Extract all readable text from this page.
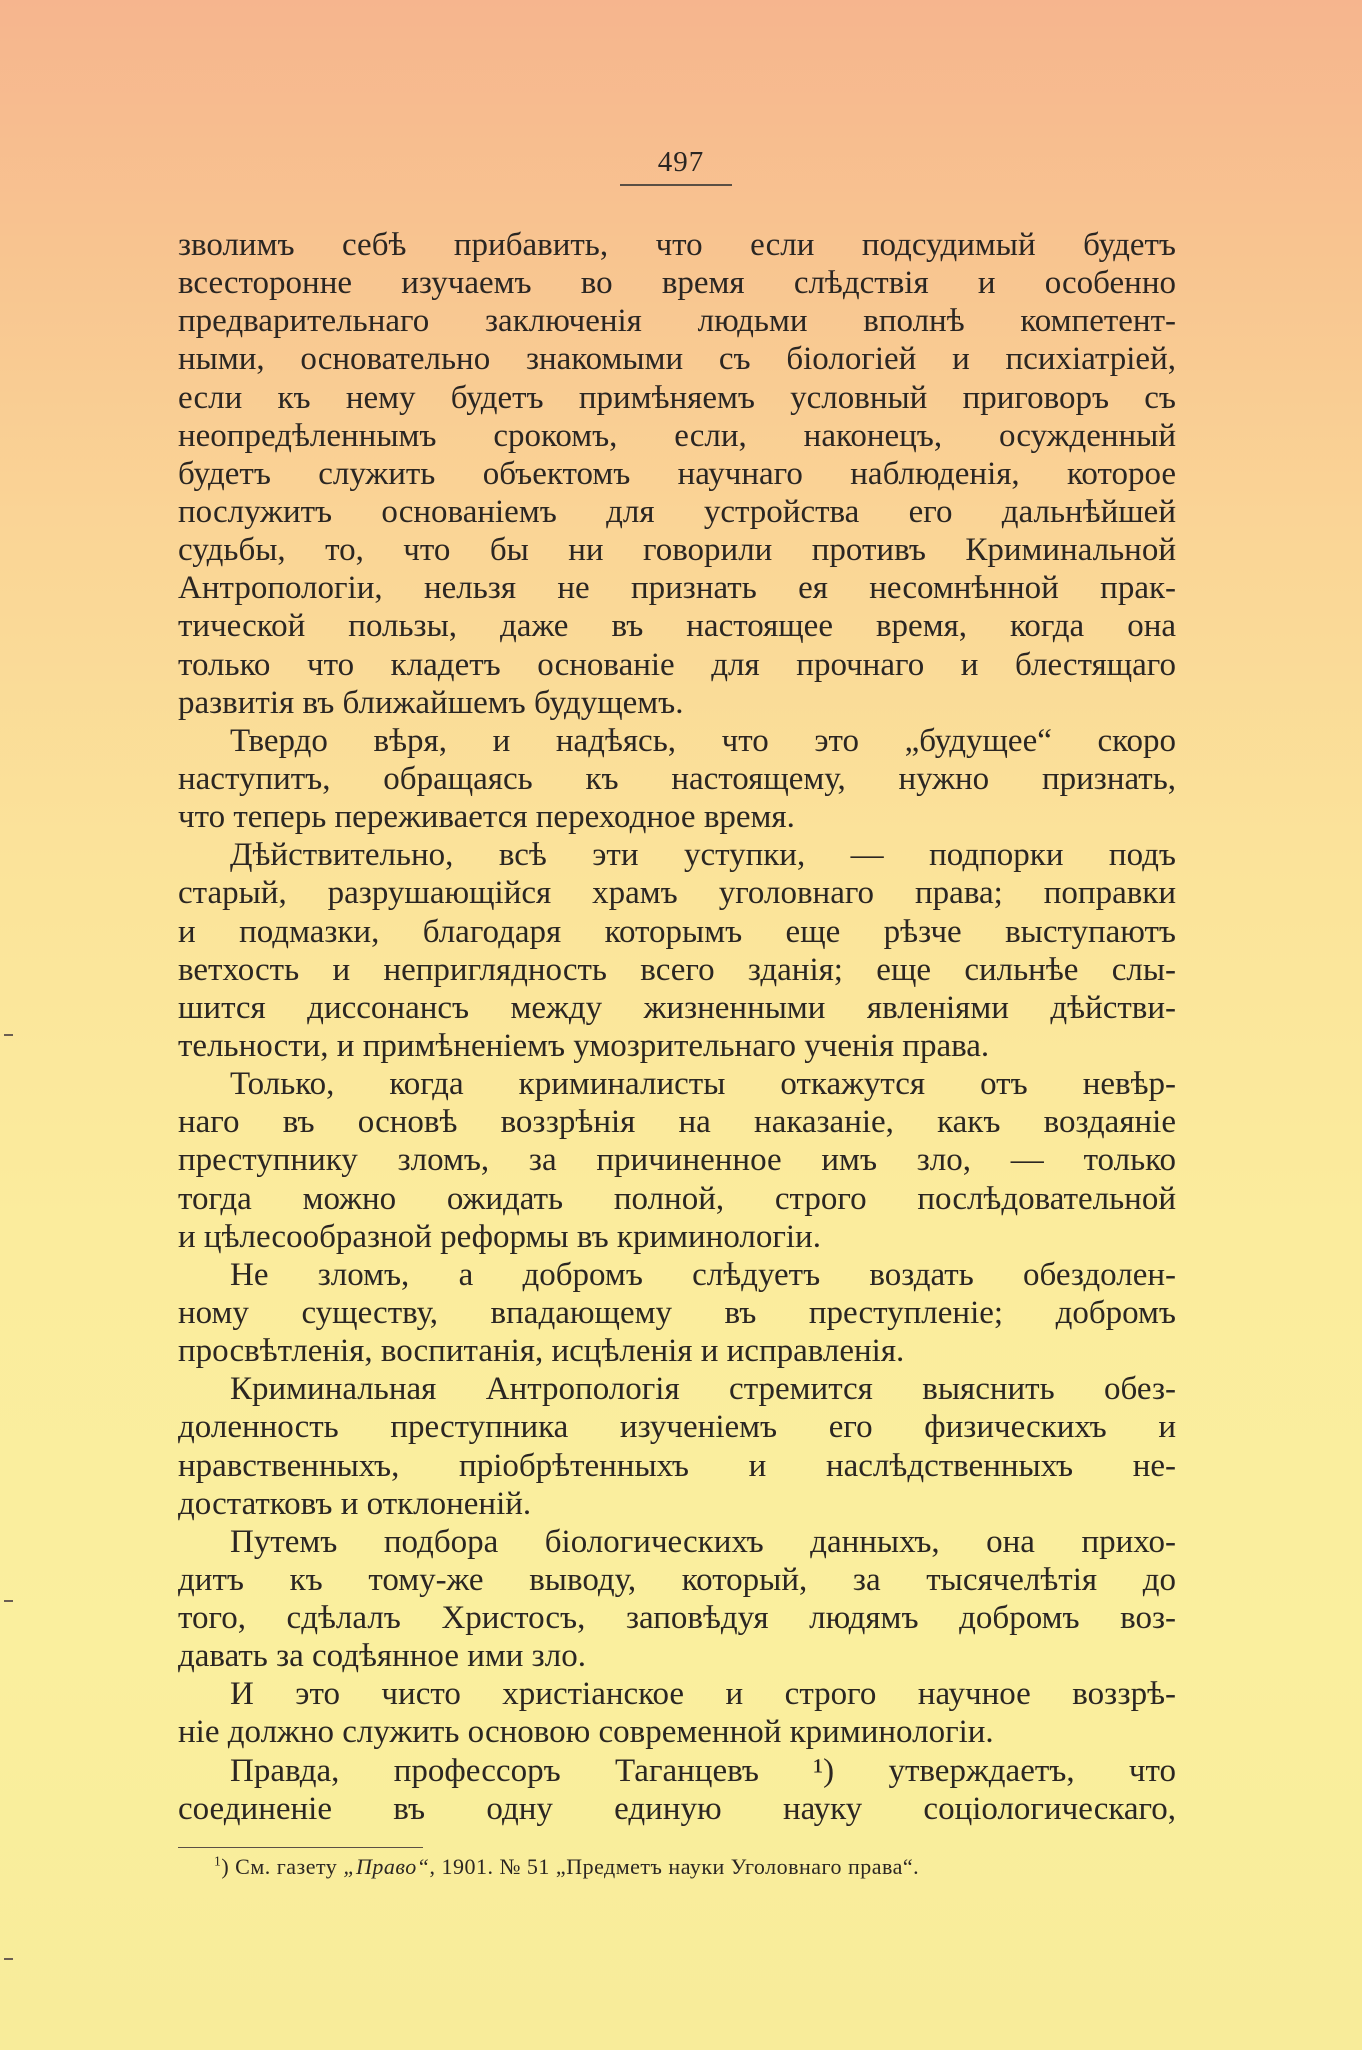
497
зволимъ себѣ прибавить, что если подсудимый будетъ
всесторонне изучаемъ во время слѣдствія и особенно
предварительнаго заключенія людьми вполнѣ компетент-
ными, основательно знакомыми съ біологіей и психіатріей,
если къ нему будетъ примѣняемъ условный приговоръ съ
неопредѣленнымъ срокомъ, если, наконецъ, осужденный
будетъ служить объектомъ научнаго наблюденія, которое
послужитъ основаніемъ для устройства его дальнѣйшей
судьбы, то, что бы ни говорили противъ Криминальной
Антропологіи, нельзя не признать ея несомнѣнной прак-
тической пользы, даже въ настоящее время, когда она
только что кладетъ основаніе для прочнаго и блестящаго
развитія въ ближайшемъ будущемъ.
Твердо вѣря, и надѣясь, что это „будущее“ скоро
наступитъ, обращаясь къ настоящему, нужно признать,
что теперь переживается переходное время.
Дѣйствительно, всѣ эти уступки, — подпорки подъ
старый, разрушающійся храмъ уголовнаго права; поправки
и подмазки, благодаря которымъ еще рѣзче выступаютъ
ветхость и неприглядность всего зданія; еще сильнѣе слы-
шится диссонансъ между жизненными явленіями дѣйстви-
тельности, и примѣненіемъ умозрительнаго ученія права.
Только, когда криминалисты откажутся отъ невѣр-
наго въ основѣ воззрѣнія на наказаніе, какъ воздаяніе
преступнику зломъ, за причиненное имъ зло, — только
тогда можно ожидать полной, строго послѣдовательной
и цѣлесообразной реформы въ криминологіи.
Не зломъ, а добромъ слѣдуетъ воздать обездолен-
ному существу, впадающему въ преступленіе; добромъ
просвѣтленія, воспитанія, исцѣленія и исправленія.
Криминальная Антропологія стремится выяснить обез-
доленность преступника изученіемъ его физическихъ и
нравственныхъ, пріобрѣтенныхъ и наслѣдственныхъ не-
достатковъ и отклоненій.
Путемъ подбора біологическихъ данныхъ, она прихо-
дитъ къ тому-же выводу, который, за тысячелѣтія до
того, сдѣлалъ Христосъ, заповѣдуя людямъ добромъ воз-
давать за содѣянное ими зло.
И это чисто христіанское и строго научное воззрѣ-
ніе должно служить основою современной криминологіи.
Правда, профессоръ Таганцевъ ¹) утверждаетъ, что
соединеніе въ одну единую науку соціологическаго,
$^1$) См. газету „Право“, 1901. № 51 „Предметъ науки Уголовнаго права“.
